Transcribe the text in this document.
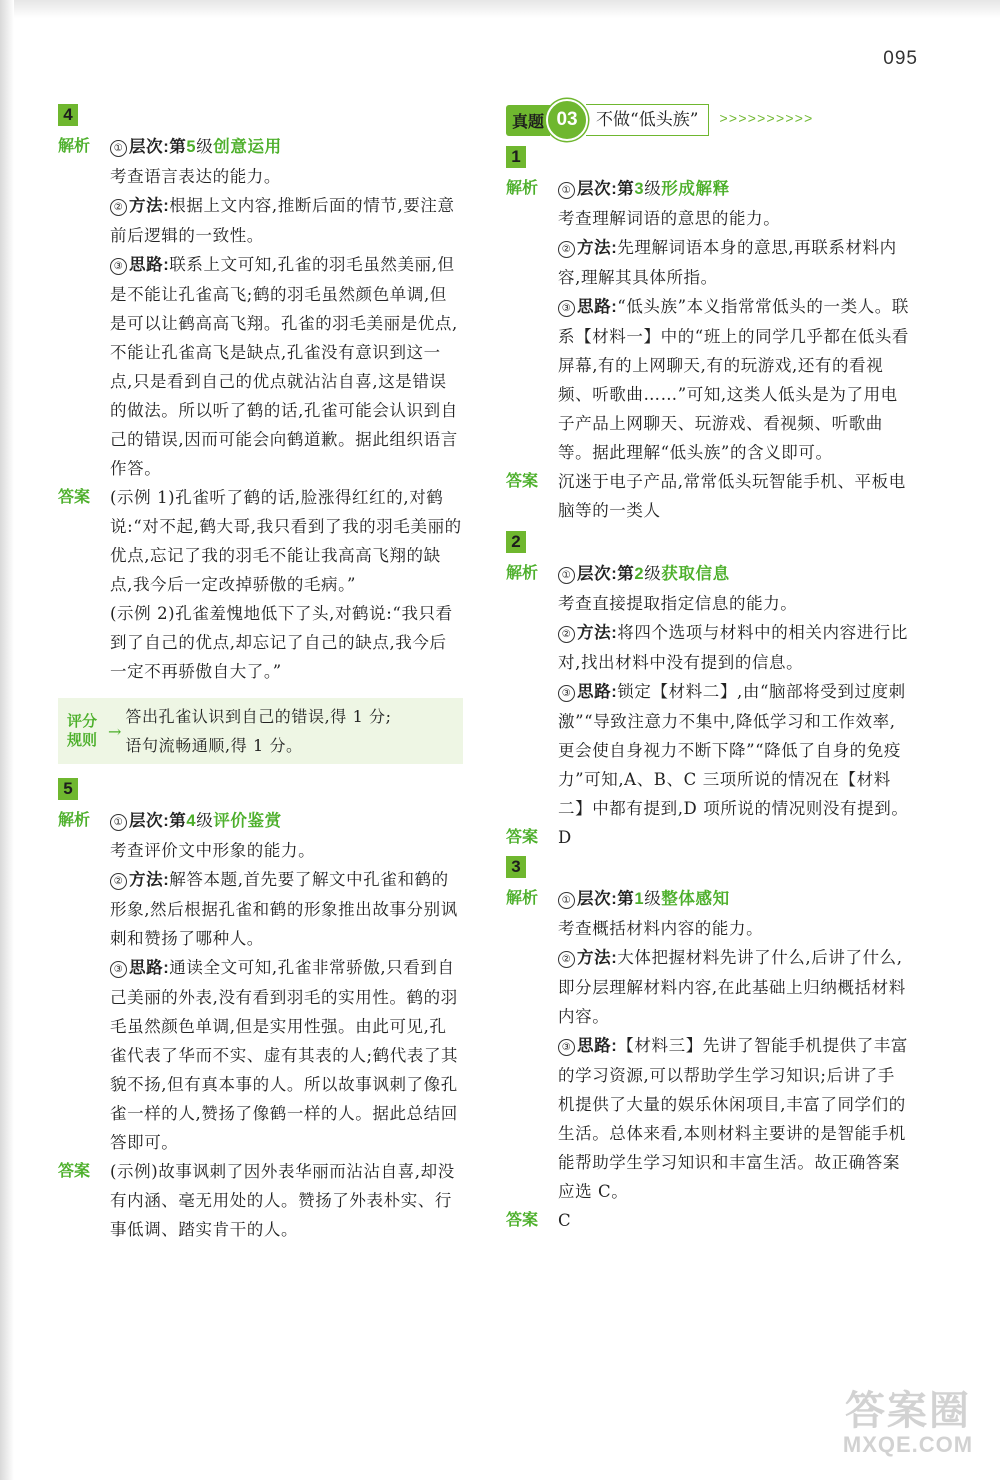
095
4
解析	① 层次:第5级创意运用

考查语言表达的能力。

② 方法:根据上文内容,推断后面的情节,要注意前后逻辑的一致性。

③ 思路:联系上文可知,孔雀的羽毛虽然美丽,但是不能让孔雀高飞;鹤的羽毛虽然颜色单调,但是可以让鹤高高飞翔。孔雀的羽毛美丽是优点,不能让孔雀高飞是缺点,孔雀没有意识到这一点,只是看到自己的优点就沾沾自喜,这是错误的做法。所以听了鹤的话,孔雀可能会认识到自己的错误,因而可能会向鹤道歉。据此组织语言作答。

答案	(示例 1)孔雀听了鹤的话,脸涨得红红的,对鹤说:“对不起,鹤大哥,我只看到了我的羽毛美丽的优点,忘记了我的羽毛不能让我高高飞翔的缺点,我今后一定改掉骄傲的毛病。”

(示例 2)孔雀羞愧地低下了头,对鹤说:“我只看到了自己的优点,却忘记了自己的缺点,我今后一定不再骄傲自大了。”

评分
规则 →
答出孔雀认识到自己的错误,得 1 分;
语句流畅通顺,得 1 分。
5
解析	① 层次:第4级评价鉴赏

考查评价文中形象的能力。

② 方法:解答本题,首先要了解文中孔雀和鹤的形象,然后根据孔雀和鹤的形象推出故事分别讽刺和赞扬了哪种人。

③ 思路:通读全文可知,孔雀非常骄傲,只看到自己美丽的外表,没有看到羽毛的实用性。鹤的羽毛虽然颜色单调,但是实用性强。由此可见,孔雀代表了华而不实、虚有其表的人;鹤代表了其貌不扬,但有真本事的人。所以故事讽刺了像孔雀一样的人,赞扬了像鹤一样的人。据此总结回答即可。

答案	(示例)故事讽刺了因外表华丽而沾沾自喜,却没有内涵、毫无用处的人。赞扬了外表朴实、行事低调、踏实肯干的人。
真题 03	不做“低头族”	>>>>>>>>>>
1
解析	① 层次:第3级形成解释

考查理解词语的意思的能力。

② 方法:先理解词语本身的意思,再联系材料内容,理解其具体所指。

③ 思路:“低头族”本义指常常低头的一类人。联系【材料一】中的“班上的同学几乎都在低头看屏幕,有的上网聊天,有的玩游戏,还有的看视频、听歌曲……”可知,这类人低头是为了用电子产品上网聊天、玩游戏、看视频、听歌曲等。据此理解“低头族”的含义即可。

答案	沉迷于电子产品,常常低头玩智能手机、平板电脑等的一类人
2
解析	① 层次:第2级获取信息

考查直接提取指定信息的能力。

② 方法:将四个选项与材料中的相关内容进行比对,找出材料中没有提到的信息。

③ 思路:锁定【材料二】,由“脑部将受到过度刺激”“导致注意力不集中,降低学习和工作效率,更会使自身视力不断下降”“降低了自身的免疫力”可知,A、B、C 三项所说的情况在【材料二】中都有提到,D 项所说的情况则没有提到。

答案	D
3
解析	① 层次:第1级整体感知

考查概括材料内容的能力。

② 方法:大体把握材料先讲了什么,后讲了什么,即分层理解材料内容,在此基础上归纳概括材料内容。

③ 思路:【材料三】先讲了智能手机提供了丰富的学习资源,可以帮助学生学习知识;后讲了手机提供了大量的娱乐休闲项目,丰富了同学们的生活。总体来看,本则材料主要讲的是智能手机能帮助学生学习知识和丰富生活。故正确答案应选 C。

答案	C
答案圈
MXQE.COM
